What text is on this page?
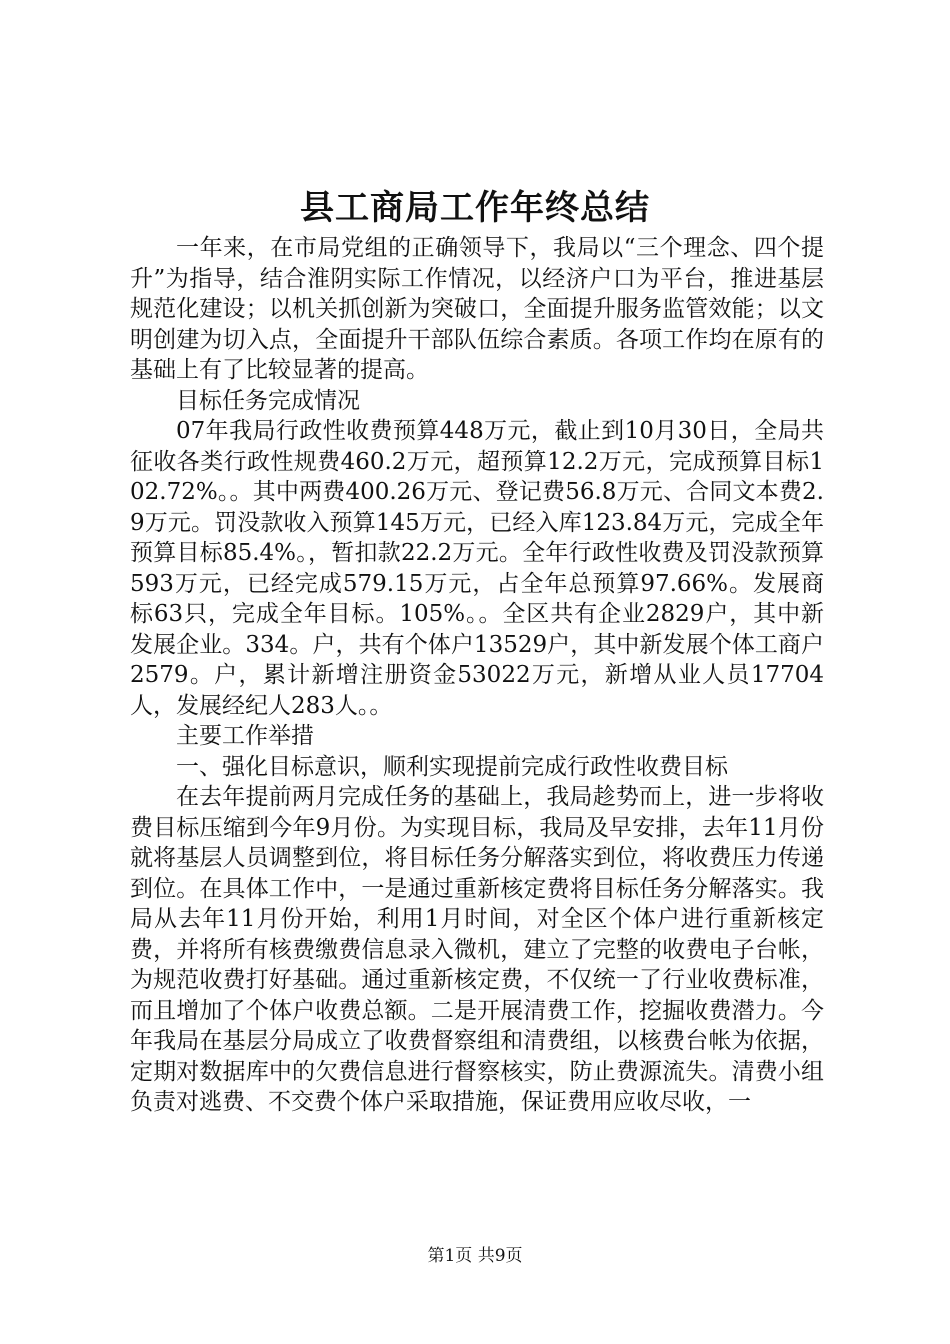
县工商局工作年终总结

一年来，在市局党组的正确领导下，我局以“三个理念、四个提升”为指导，结合淮阴实际工作情况，以经济户口为平台，推进基层规范化建设；以机关抓创新为突破口，全面提升服务监管效能；以文明创建为切入点，全面提升干部队伍综合素质。各项工作均在原有的基础上有了比较显著的提高。

目标任务完成情况

07年我局行政性收费预算448万元，截止到10月30日，全局共征收各类行政性规费460.2万元，超预算12.2万元，完成预算目标102.72%。。其中两费400.26万元、登记费56.8万元、合同文本费2.9万元。罚没款收入预算145万元，已经入库123.84万元，完成全年预算目标85.4%。，暂扣款22.2万元。全年行政性收费及罚没款预算593万元，已经完成579.15万元，占全年总预算97.66%。发展商标63只，完成全年目标。105%。。全区共有企业2829户，其中新发展企业。334。户，共有个体户13529户，其中新发展个体工商户2579。户，累计新增注册资金53022万元，新增从业人员17704人，发展经纪人283人。。

主要工作举措

一、强化目标意识，顺利实现提前完成行政性收费目标

在去年提前两月完成任务的基础上，我局趁势而上，进一步将收费目标压缩到今年9月份。为实现目标，我局及早安排，去年11月份就将基层人员调整到位，将目标任务分解落实到位，将收费压力传递到位。在具体工作中，一是通过重新核定费将目标任务分解落实。我局从去年11月份开始，利用1月时间，对全区个体户进行重新核定费，并将所有核费缴费信息录入微机，建立了完整的收费电子台帐，为规范收费打好基础。通过重新核定费，不仅统一了行业收费标准，而且增加了个体户收费总额。二是开展清费工作，挖掘收费潜力。今年我局在基层分局成立了收费督察组和清费组，以核费台帐为依据，定期对数据库中的欠费信息进行督察核实，防止费源流失。清费小组负责对逃费、不交费个体户采取措施，保证费用应收尽收，一

第1页 共9页
